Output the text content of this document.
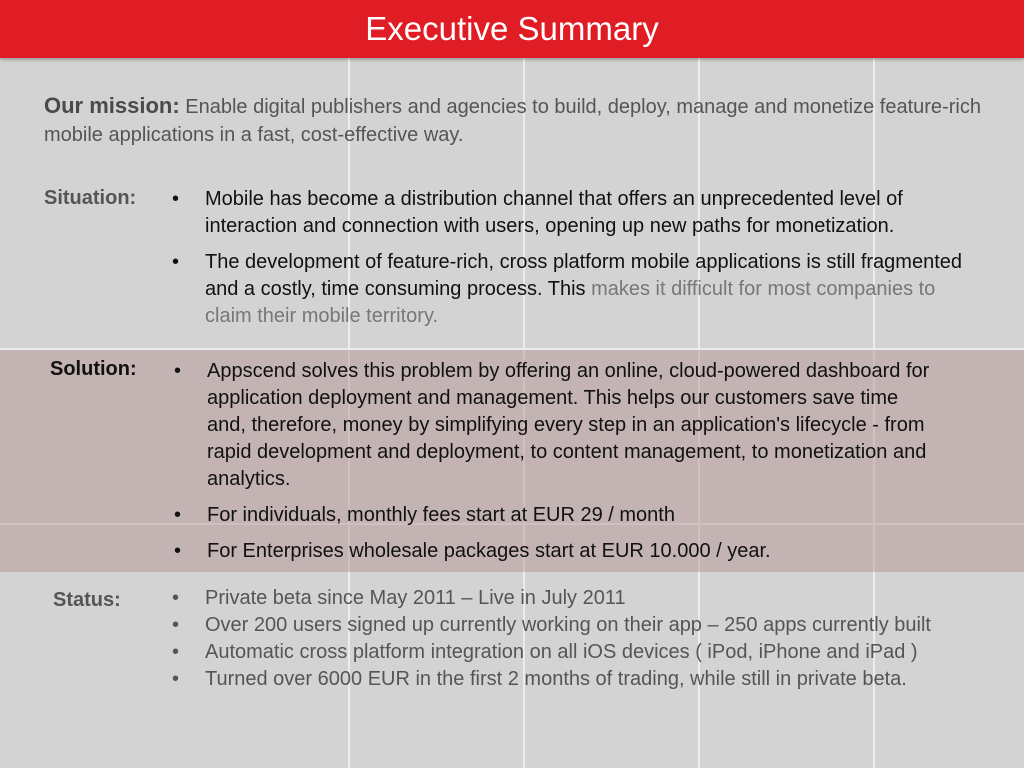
Executive Summary
Our mission: Enable digital publishers and agencies to build, deploy, manage and monetize feature-rich mobile applications in a fast, cost-effective way.
Situation:	• Mobile has become a distribution channel that offers an unprecedented level of interaction and connection with users, opening up new paths for monetization.
• The development of feature-rich, cross platform mobile applications is still fragmented and a costly, time consuming process. This makes it difficult for most companies to claim their mobile territory.
Solution:	• Appscend solves this problem by offering an online, cloud-powered dashboard for application deployment and management. This helps our customers save time and, therefore, money by simplifying every step in an application's lifecycle - from rapid development and deployment, to content management, to monetization and analytics.
• For individuals, monthly fees start at EUR 29 / month
• For Enterprises wholesale packages start at EUR 10.000 / year.
Status:	• Private beta since May 2011 – Live in July 2011
• Over 200 users signed up currently working on their app – 250 apps currently built
• Automatic cross platform integration on all iOS devices ( iPod, iPhone and iPad )
• Turned over 6000 EUR in the first 2 months of trading, while still in private beta.
